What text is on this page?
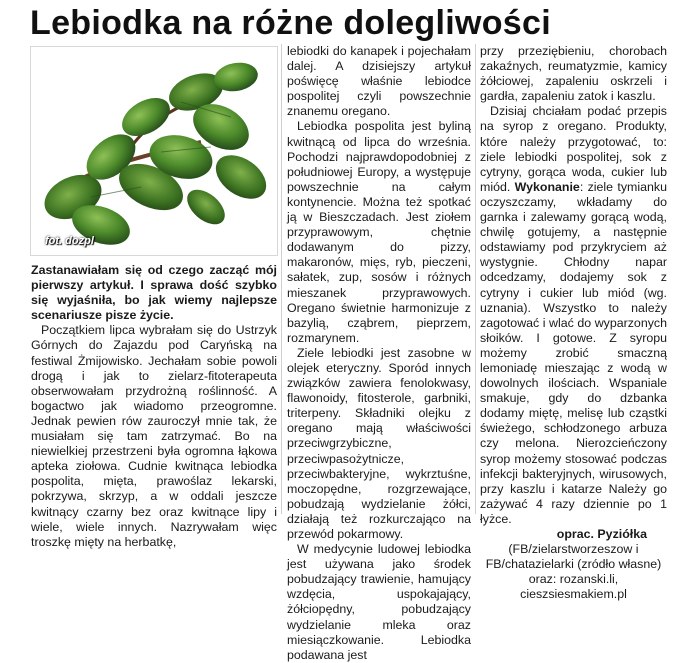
Lebiodka na różne dolegliwości
fot. dozpl

Zastanawiałam się od czego zacząć mój pierwszy artykuł. I sprawa dość szybko się wyjaśniła, bo jak wiemy najlepsze scenariusze pisze życie.

Początkiem lipca wybrałam się do Ustrzyk Górnych do Zajazdu pod Caryńską na festiwal Żmijowisko. Jechałam sobie powoli drogą i jak to zielarz-fitoterapeuta obserwowałam przydrożną roślinność. A bogactwo jak wiadomo przeogromne. Jednak pewien rów zauroczył mnie tak, że musiałam się tam zatrzymać. Bo na niewielkiej przestrzeni była ogromna łąkowa apteka ziołowa. Cudnie kwitnąca lebiodka pospolita, mięta, prawoślaz lekarski, pokrzywa, skrzyp, a w oddali jeszcze kwitnący czarny bez oraz kwitnące lipy i wiele, wiele innych. Nazrywałam więc troszkę mięty na herbatkę,

lebiodki do kanapek i pojechałam dalej. A dzisiejszy artykuł poświęcę właśnie lebiodce pospolitej czyli powszechnie znanemu oregano.

Lebiodka pospolita jest byliną kwitnącą od lipca do września. Pochodzi najprawdopodobniej z południowej Europy, a występuje powszechnie na całym kontynencie. Można też spotkać ją w Bieszczadach. Jest ziołem przyprawowym, chętnie dodawanym do pizzy, makaronów, mięs, ryb, pieczeni, sałatek, zup, sosów i różnych mieszanek przyprawowych. Oregano świetnie harmonizuje z bazylią, cząbrem, pieprzem, rozmarynem.

Ziele lebiodki jest zasobne w olejek eteryczny. Sporód innych związków zawiera fenolokwasy, flawonoidy, fitosterole, garbniki, triterpeny. Składniki olejku z oregano mają właściwości przeciwgrzybiczne, przeciwpasożytnicze, przeciwbakteryjne, wykrztuśne, moczopędne, rozgrzewające, pobudzają wydzielanie żółci, działają też rozkurczająco na przewód pokarmowy.

W medycynie ludowej lebiodka jest używana jako środek pobudzający trawienie, hamujący wzdęcia, uspokajający, żółciopędny, pobudzający wydzielanie mleka oraz miesiączkowanie. Lebiodka podawana jest

przy przeziębieniu, chorobach zakaźnych, reumatyzmie, kamicy żółciowej, zapaleniu oskrzeli i gardła, zapaleniu zatok i kaszlu.

Dzisiaj chciałam podać przepis na syrop z oregano. Produkty, które należy przygotować, to: ziele lebiodki pospolitej, sok z cytryny, gorąca woda, cukier lub miód. Wykonanie: ziele tymianku oczyszczamy, wkładamy do garnka i zalewamy gorącą wodą, chwilę gotujemy, a następnie odstawiamy pod przykryciem aż wystygnie. Chłodny napar odcedzamy, dodajemy sok z cytryny i cukier lub miód (wg. uznania). Wszystko to należy zagotować i wlać do wyparzonych słoików. I gotowe. Z syropu możemy zrobić smaczną lemoniadę mieszając z wodą w dowolnych ilościach. Wspaniale smakuje, gdy do dzbanka dodamy miętę, melisę lub cząstki świeżego, schłodzonego arbuza czy melona. Nierozcieńczony syrop możemy stosować podczas infekcji bakteryjnych, wirusowych, przy kaszlu i katarze Należy go zażywać 4 razy dziennie po 1 łyżce.

oprac. Pyziółka

(FB/zielarstworzeszow i FB/chatazielarki (zródło własne) oraz: rozanski.li, cieszsiesmakiem.pl
